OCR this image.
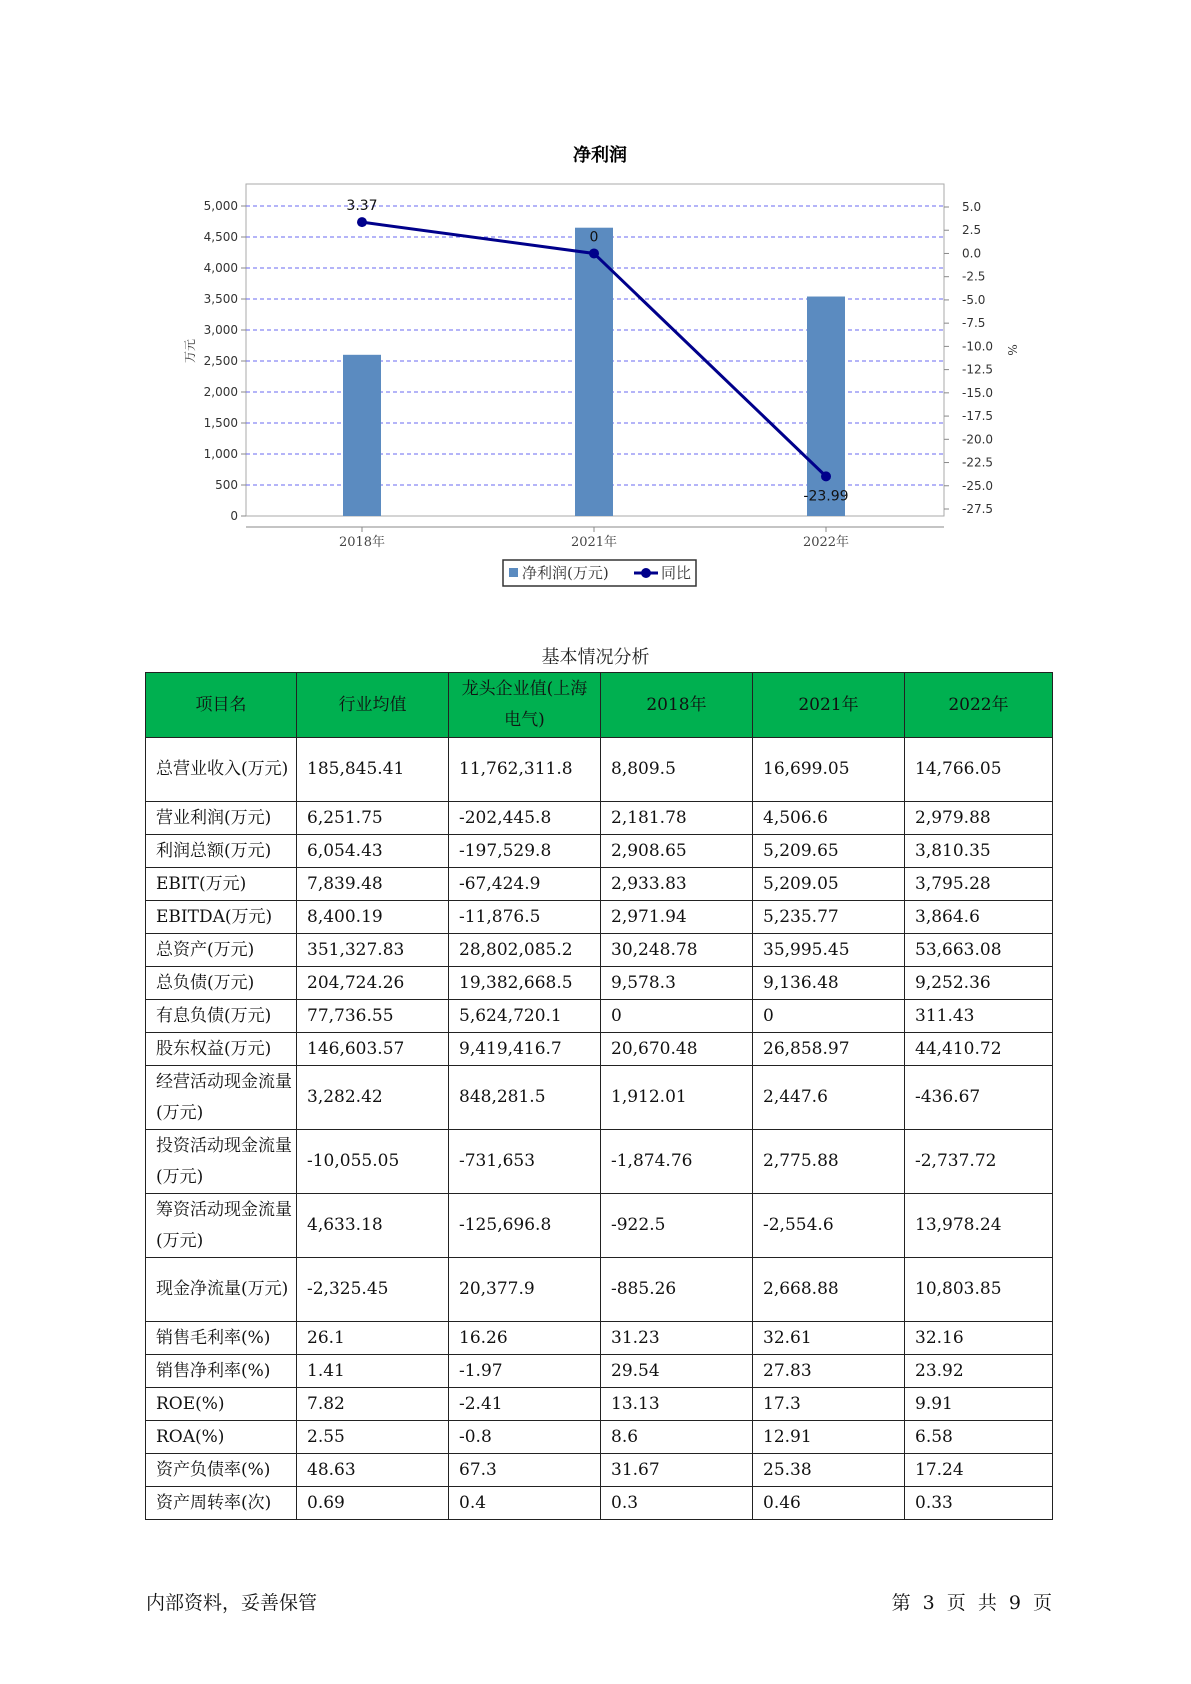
净利润
0
500
1,000
1,500
2,000
2,500
3,000
3,500
4,000
4,500
5,000	5.0
2.5
0.0
-2.5
-5.0
-7.5
-10.0
-12.5
-15.0
-17.5
-20.0
-22.5
-25.0
-27.5
3.37
0
-23.99
2018年	2021年	2022年
万元	%
净利润(万元)	同比
基本情况分析
项目名	行业均值	龙头企业值(上海电气)	2018年	2021年	2022年
总营业收入(万元)	185,845.41	11,762,311.8	8,809.5	16,699.05	14,766.05
营业利润(万元)	6,251.75	-202,445.8	2,181.78	4,506.6	2,979.88
利润总额(万元)	6,054.43	-197,529.8	2,908.65	5,209.65	3,810.35
EBIT(万元)	7,839.48	-67,424.9	2,933.83	5,209.05	3,795.28
EBITDA(万元)	8,400.19	-11,876.5	2,971.94	5,235.77	3,864.6
总资产(万元)	351,327.83	28,802,085.2	30,248.78	35,995.45	53,663.08
总负债(万元)	204,724.26	19,382,668.5	9,578.3	9,136.48	9,252.36
有息负债(万元)	77,736.55	5,624,720.1	0	0	311.43
股东权益(万元)	146,603.57	9,419,416.7	20,670.48	26,858.97	44,410.72
经营活动现金流量(万元)	3,282.42	848,281.5	1,912.01	2,447.6	-436.67
投资活动现金流量(万元)	-10,055.05	-731,653	-1,874.76	2,775.88	-2,737.72
筹资活动现金流量(万元)	4,633.18	-125,696.8	-922.5	-2,554.6	13,978.24
现金净流量(万元)	-2,325.45	20,377.9	-885.26	2,668.88	10,803.85
销售毛利率(%)	26.1	16.26	31.23	32.61	32.16
销售净利率(%)	1.41	-1.97	29.54	27.83	23.92
ROE(%)	7.82	-2.41	13.13	17.3	9.91
ROA(%)	2.55	-0.8	8.6	12.91	6.58
资产负债率(%)	48.63	67.3	31.67	25.38	17.24
资产周转率(次)	0.69	0.4	0.3	0.46	0.33
内部资料，妥善保管	第 3 页 共 9 页
